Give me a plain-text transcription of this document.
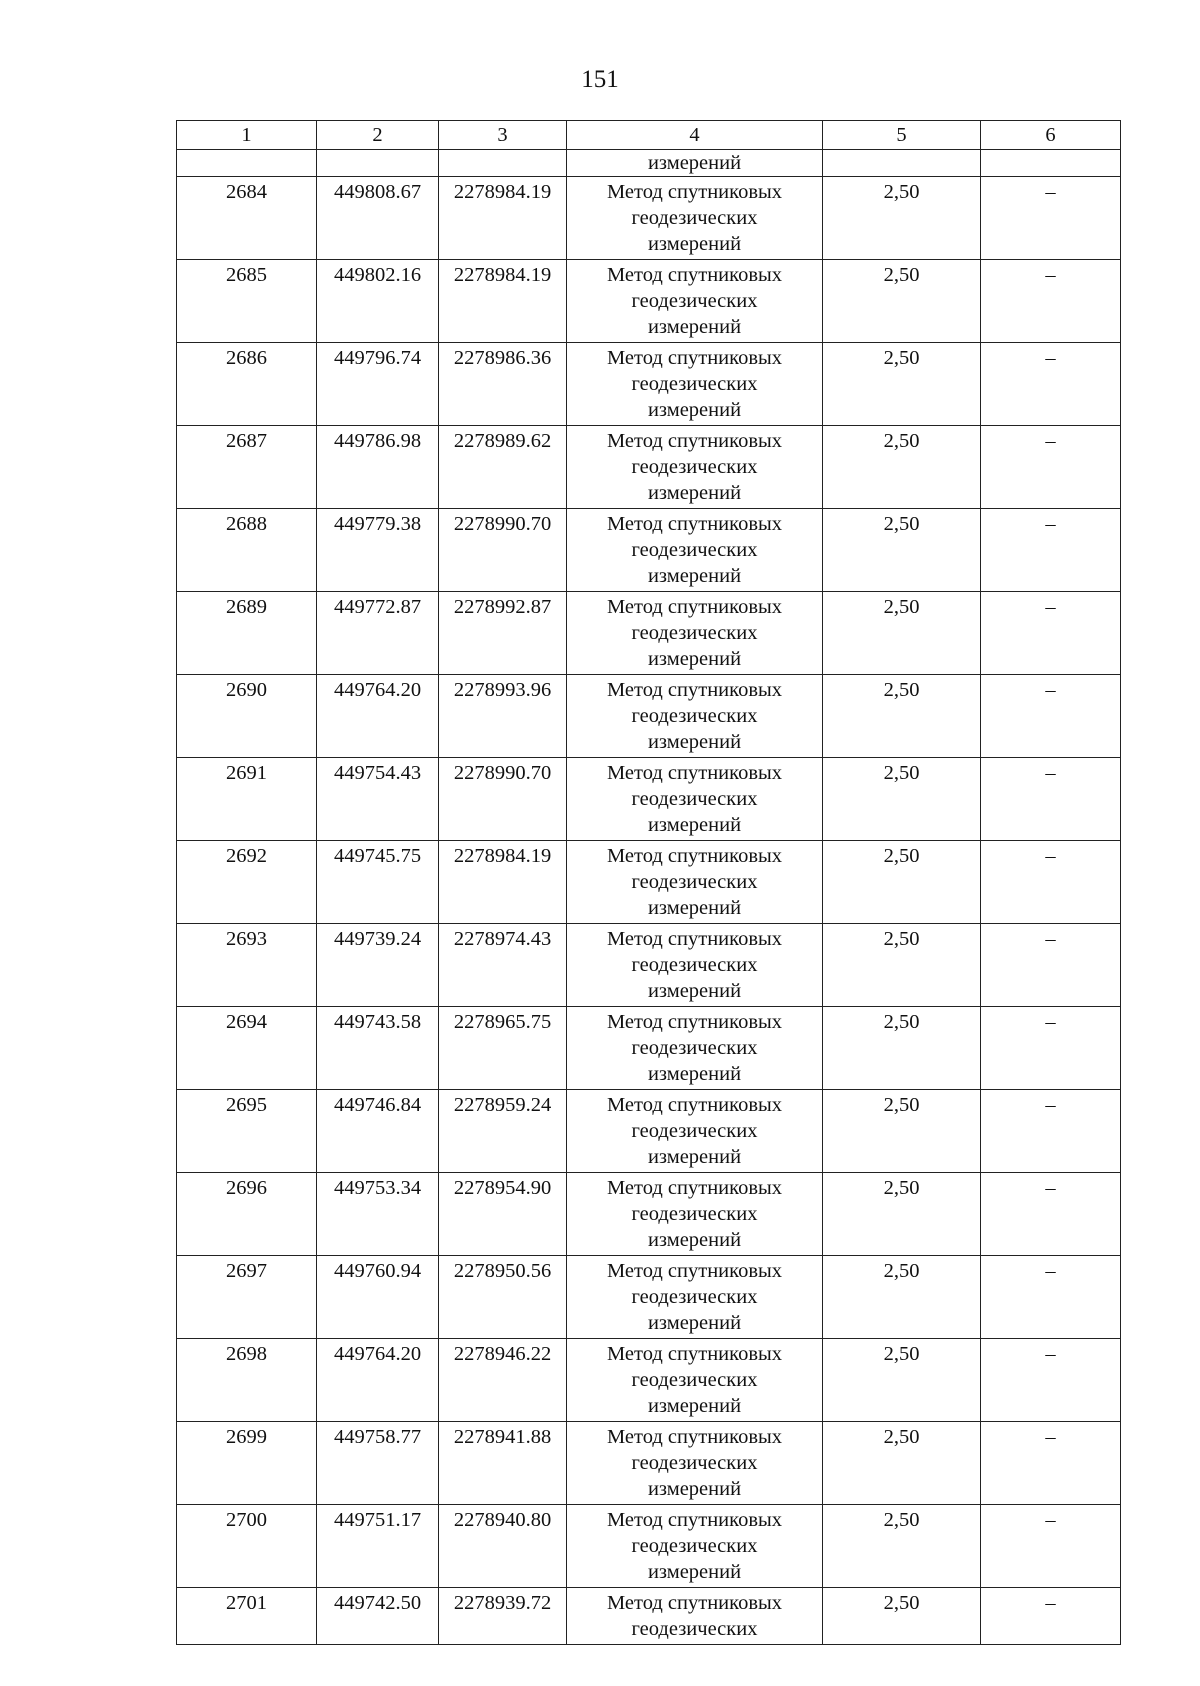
151
1	2	3	4	5	6
			измерений		
2684	449808.67	2278984.19	Метод спутниковых
геодезических
измерений	2,50	–
2685	449802.16	2278984.19	Метод спутниковых
геодезических
измерений	2,50	–
2686	449796.74	2278986.36	Метод спутниковых
геодезических
измерений	2,50	–
2687	449786.98	2278989.62	Метод спутниковых
геодезических
измерений	2,50	–
2688	449779.38	2278990.70	Метод спутниковых
геодезических
измерений	2,50	–
2689	449772.87	2278992.87	Метод спутниковых
геодезических
измерений	2,50	–
2690	449764.20	2278993.96	Метод спутниковых
геодезических
измерений	2,50	–
2691	449754.43	2278990.70	Метод спутниковых
геодезических
измерений	2,50	–
2692	449745.75	2278984.19	Метод спутниковых
геодезических
измерений	2,50	–
2693	449739.24	2278974.43	Метод спутниковых
геодезических
измерений	2,50	–
2694	449743.58	2278965.75	Метод спутниковых
геодезических
измерений	2,50	–
2695	449746.84	2278959.24	Метод спутниковых
геодезических
измерений	2,50	–
2696	449753.34	2278954.90	Метод спутниковых
геодезических
измерений	2,50	–
2697	449760.94	2278950.56	Метод спутниковых
геодезических
измерений	2,50	–
2698	449764.20	2278946.22	Метод спутниковых
геодезических
измерений	2,50	–
2699	449758.77	2278941.88	Метод спутниковых
геодезических
измерений	2,50	–
2700	449751.17	2278940.80	Метод спутниковых
геодезических
измерений	2,50	–
2701	449742.50	2278939.72	Метод спутниковых
геодезических	2,50	–
